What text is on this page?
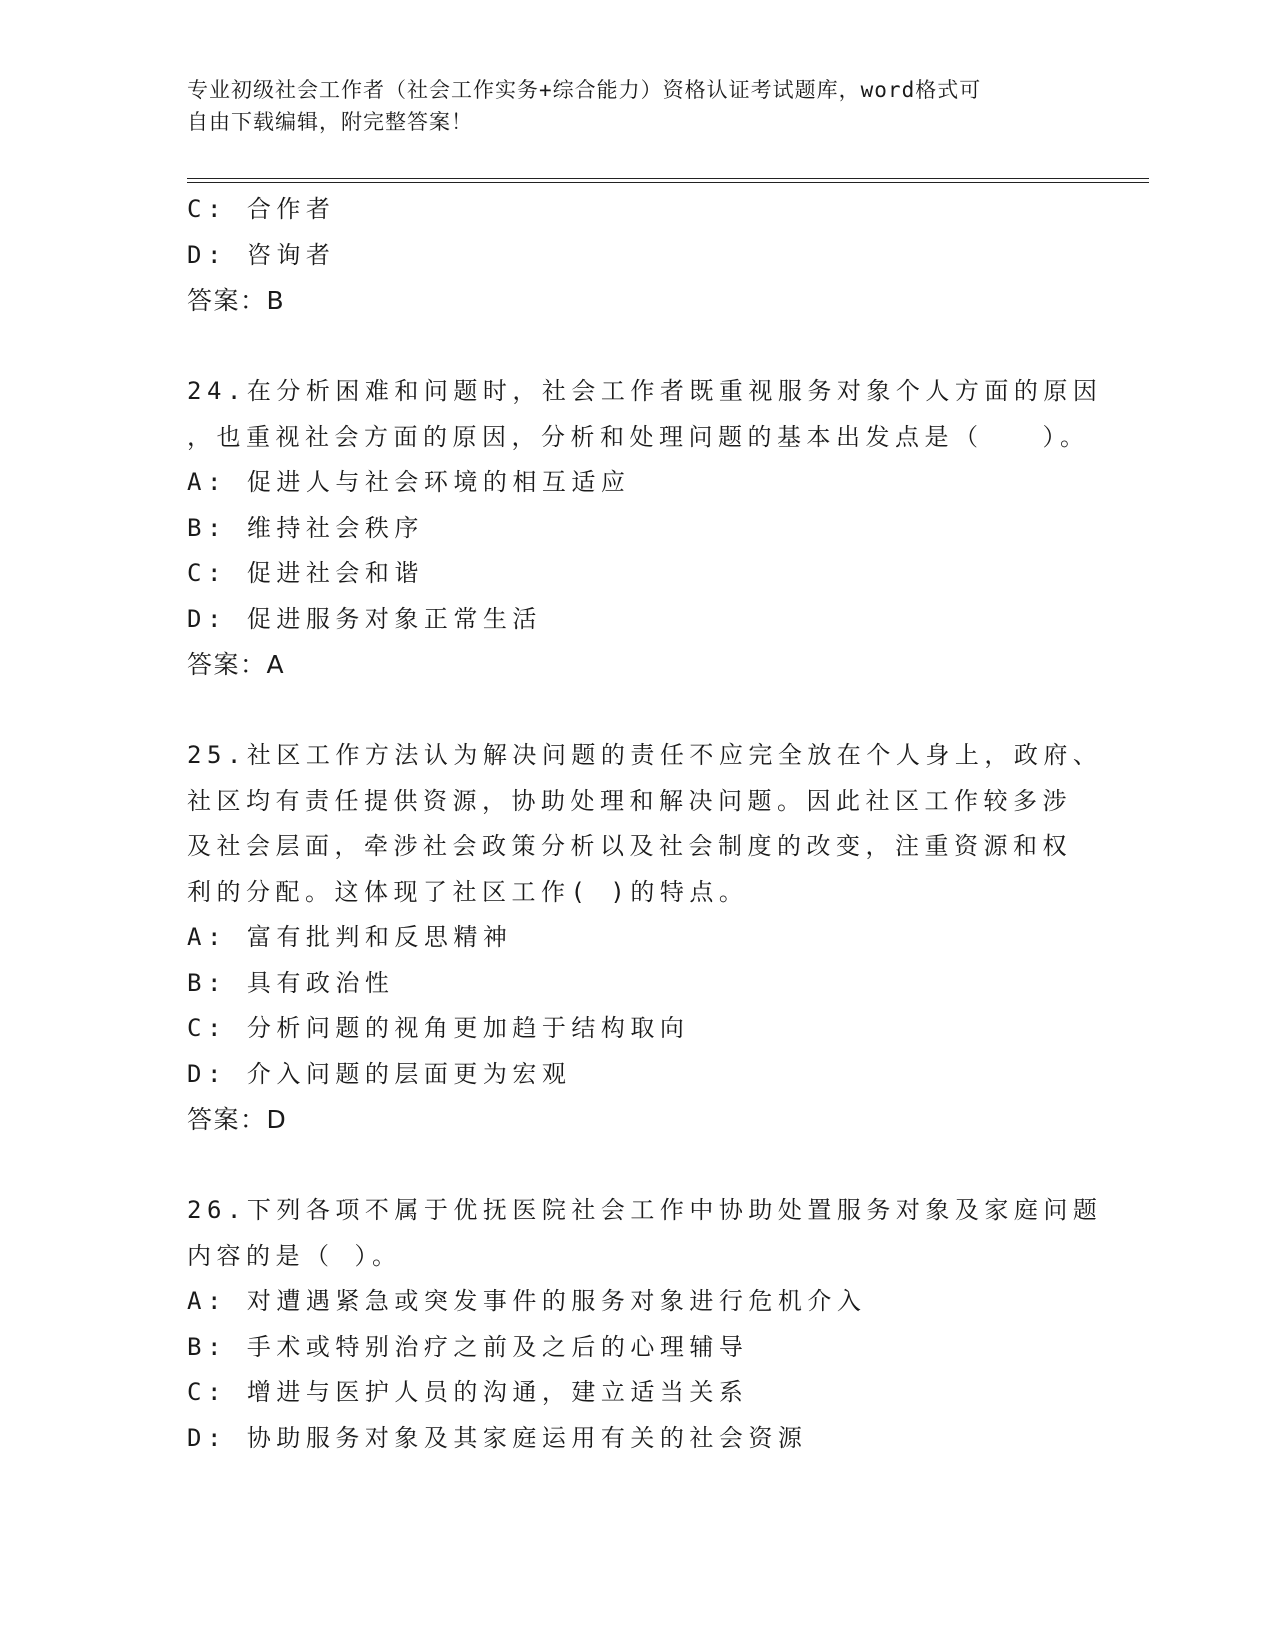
专业初级社会工作者（社会工作实务+综合能力）资格认证考试题库，word格式可
自由下载编辑，附完整答案！
C: 合作者
D: 咨询者
答案：B
24.在分析困难和问题时，社会工作者既重视服务对象个人方面的原因
，也重视社会方面的原因，分析和处理问题的基本出发点是（　　）。
A: 促进人与社会环境的相互适应
B: 维持社会秩序
C: 促进社会和谐
D: 促进服务对象正常生活
答案：A
25.社区工作方法认为解决问题的责任不应完全放在个人身上，政府、
社区均有责任提供资源，协助处理和解决问题。因此社区工作较多涉
及社会层面，牵涉社会政策分析以及社会制度的改变，注重资源和权
利的分配。这体现了社区工作( )的特点。
A: 富有批判和反思精神
B: 具有政治性
C: 分析问题的视角更加趋于结构取向
D: 介入问题的层面更为宏观
答案：D
26.下列各项不属于优抚医院社会工作中协助处置服务对象及家庭问题
内容的是（ ）。
A: 对遭遇紧急或突发事件的服务对象进行危机介入
B: 手术或特别治疗之前及之后的心理辅导
C: 增进与医护人员的沟通，建立适当关系
D: 协助服务对象及其家庭运用有关的社会资源
